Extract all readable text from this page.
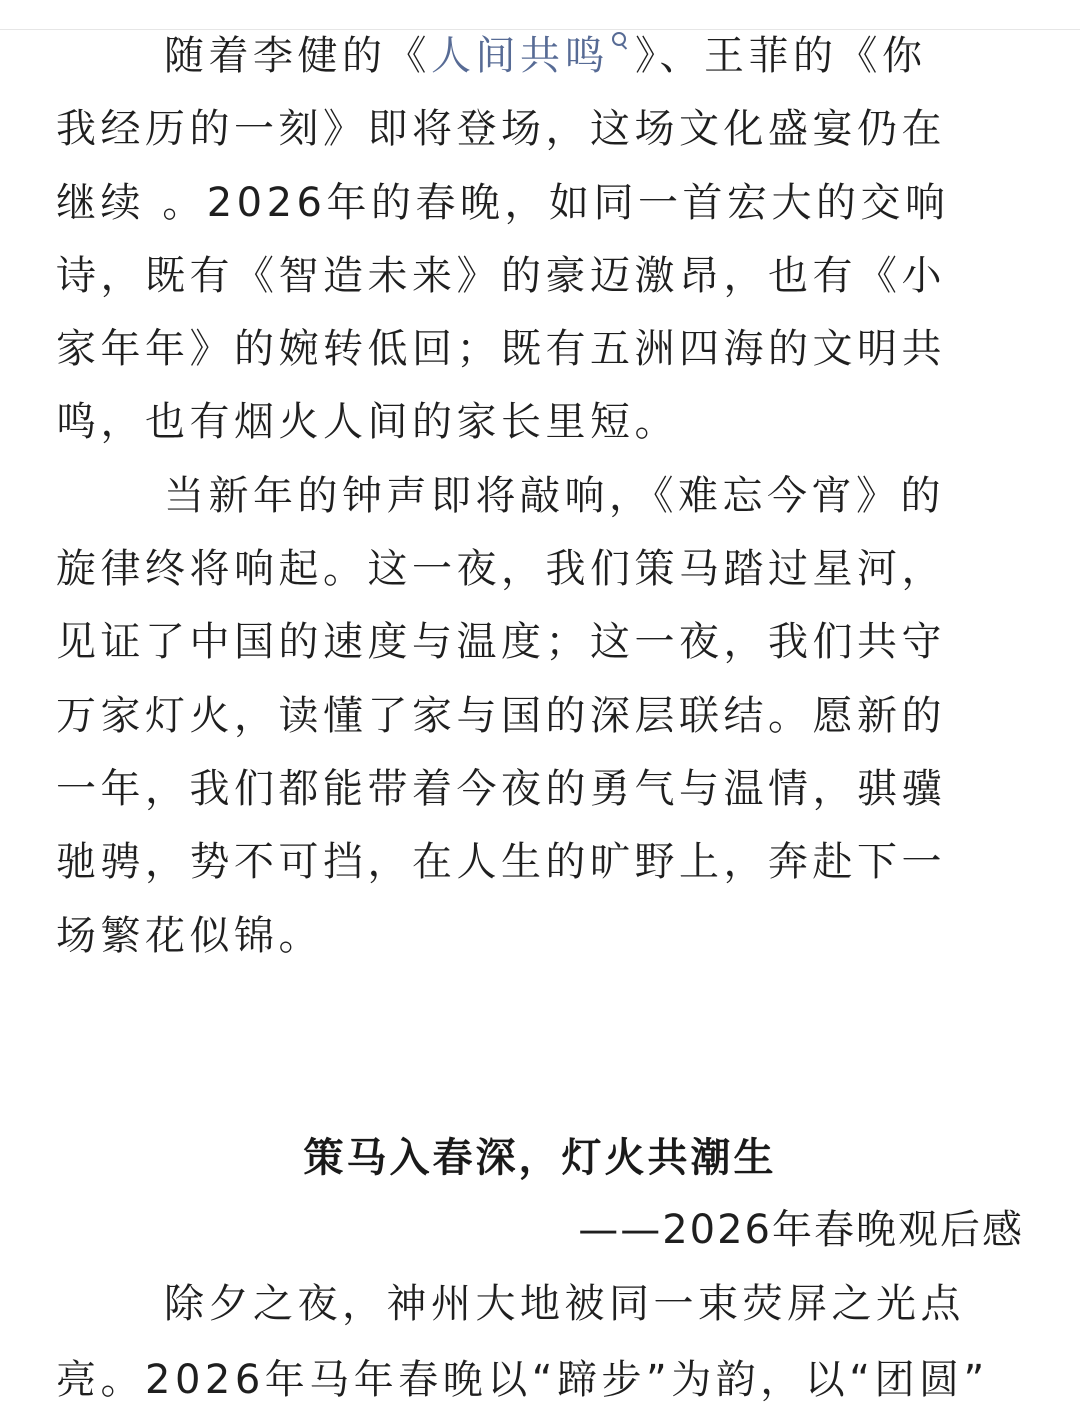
随着李健的《人间共鸣 》、王菲的《你
我经历的一刻》即将登场，这场文化盛宴仍在
继续 。2026年的春晚，如同一首宏大的交响
诗，既有《智造未来》的豪迈激昂，也有《小
家年年》的婉转低回；既有五洲四海的文明共
鸣，也有烟火人间的家长里短。
当新年的钟声即将敲响，《难忘今宵》的
旋律终将响起。这一夜，我们策马踏过星河，
见证了中国的速度与温度；这一夜，我们共守
万家灯火，读懂了家与国的深层联结。愿新的
一年，我们都能带着今夜的勇气与温情，骐骥
驰骋，势不可挡，在人生的旷野上，奔赴下一
场繁花似锦。
策马入春深，灯火共潮生
——2026年春晚观后感
除夕之夜，神州大地被同一束荧屏之光点
亮。2026年马年春晚以“蹄步”为韵，以“团圆”
